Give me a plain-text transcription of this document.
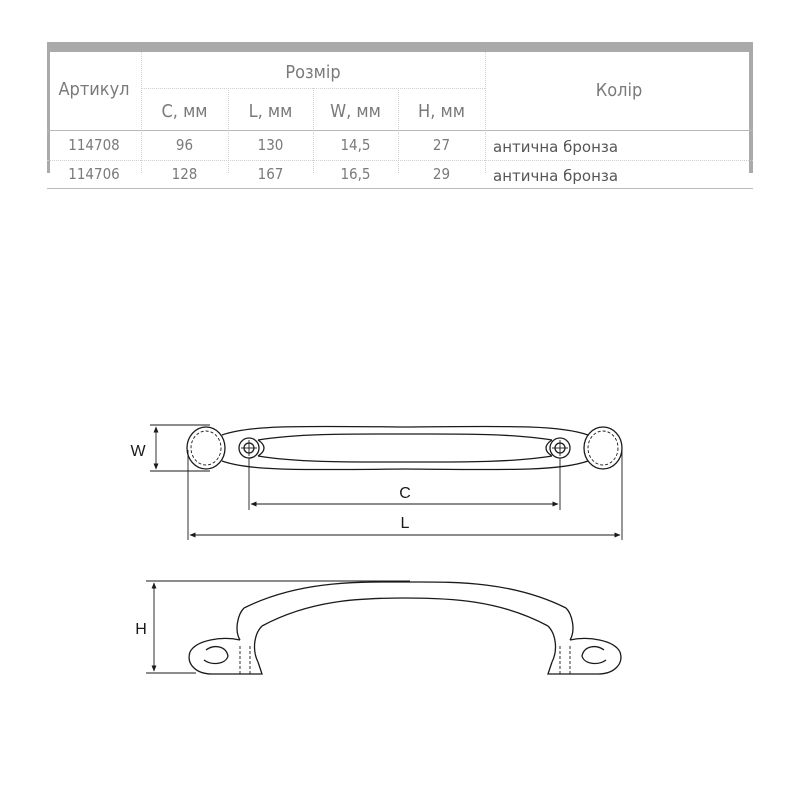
Артикул
Розмір
Колір
C, мм	L, мм	W, мм	H, мм
114708	96	130	14,5	27	антична бронза
114706	128	167	16,5	29	антична бронза
W
C
L
H
